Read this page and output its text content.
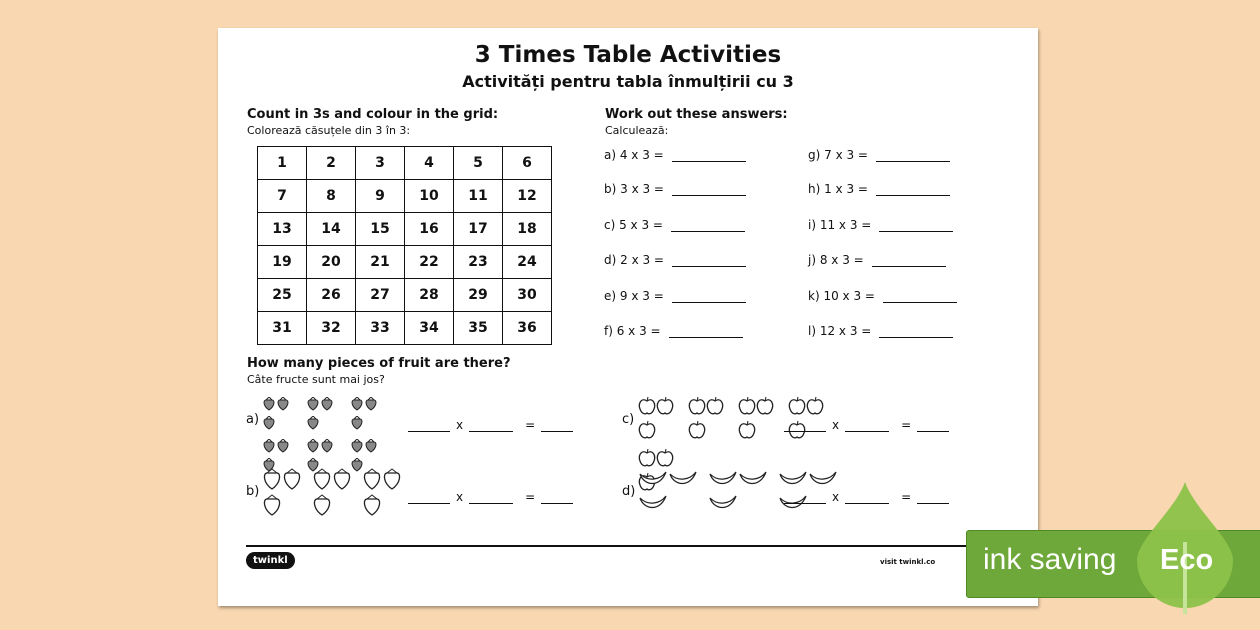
3 Times Table Activities
Activități pentru tabla înmulțirii cu 3
Count in 3s and colour in the grid:
Colorează căsuțele din 3 în 3:
1	2	3	4	5	6
7	8	9	10	11	12
13	14	15	16	17	18
19	20	21	22	23	24
25	26	27	28	29	30
31	32	33	34	35	36
Work out these answers:
Calculează:
a) 4 x 3 =
b) 3 x 3 =
c) 5 x 3 =
d) 2 x 3 =
e) 9 x 3 =
f) 6 x 3 =
g) 7 x 3 =
h) 1 x 3 =
i) 11 x 3 =
j) 8 x 3 =
k) 10 x 3 =
l) 12 x 3 =
How many pieces of fruit are there?
Câte fructe sunt mai jos?
a)	x	=
b)	x	=
c)	x	=
d)	x	=
twinkl	visit twinkl.co ink saving Eco
